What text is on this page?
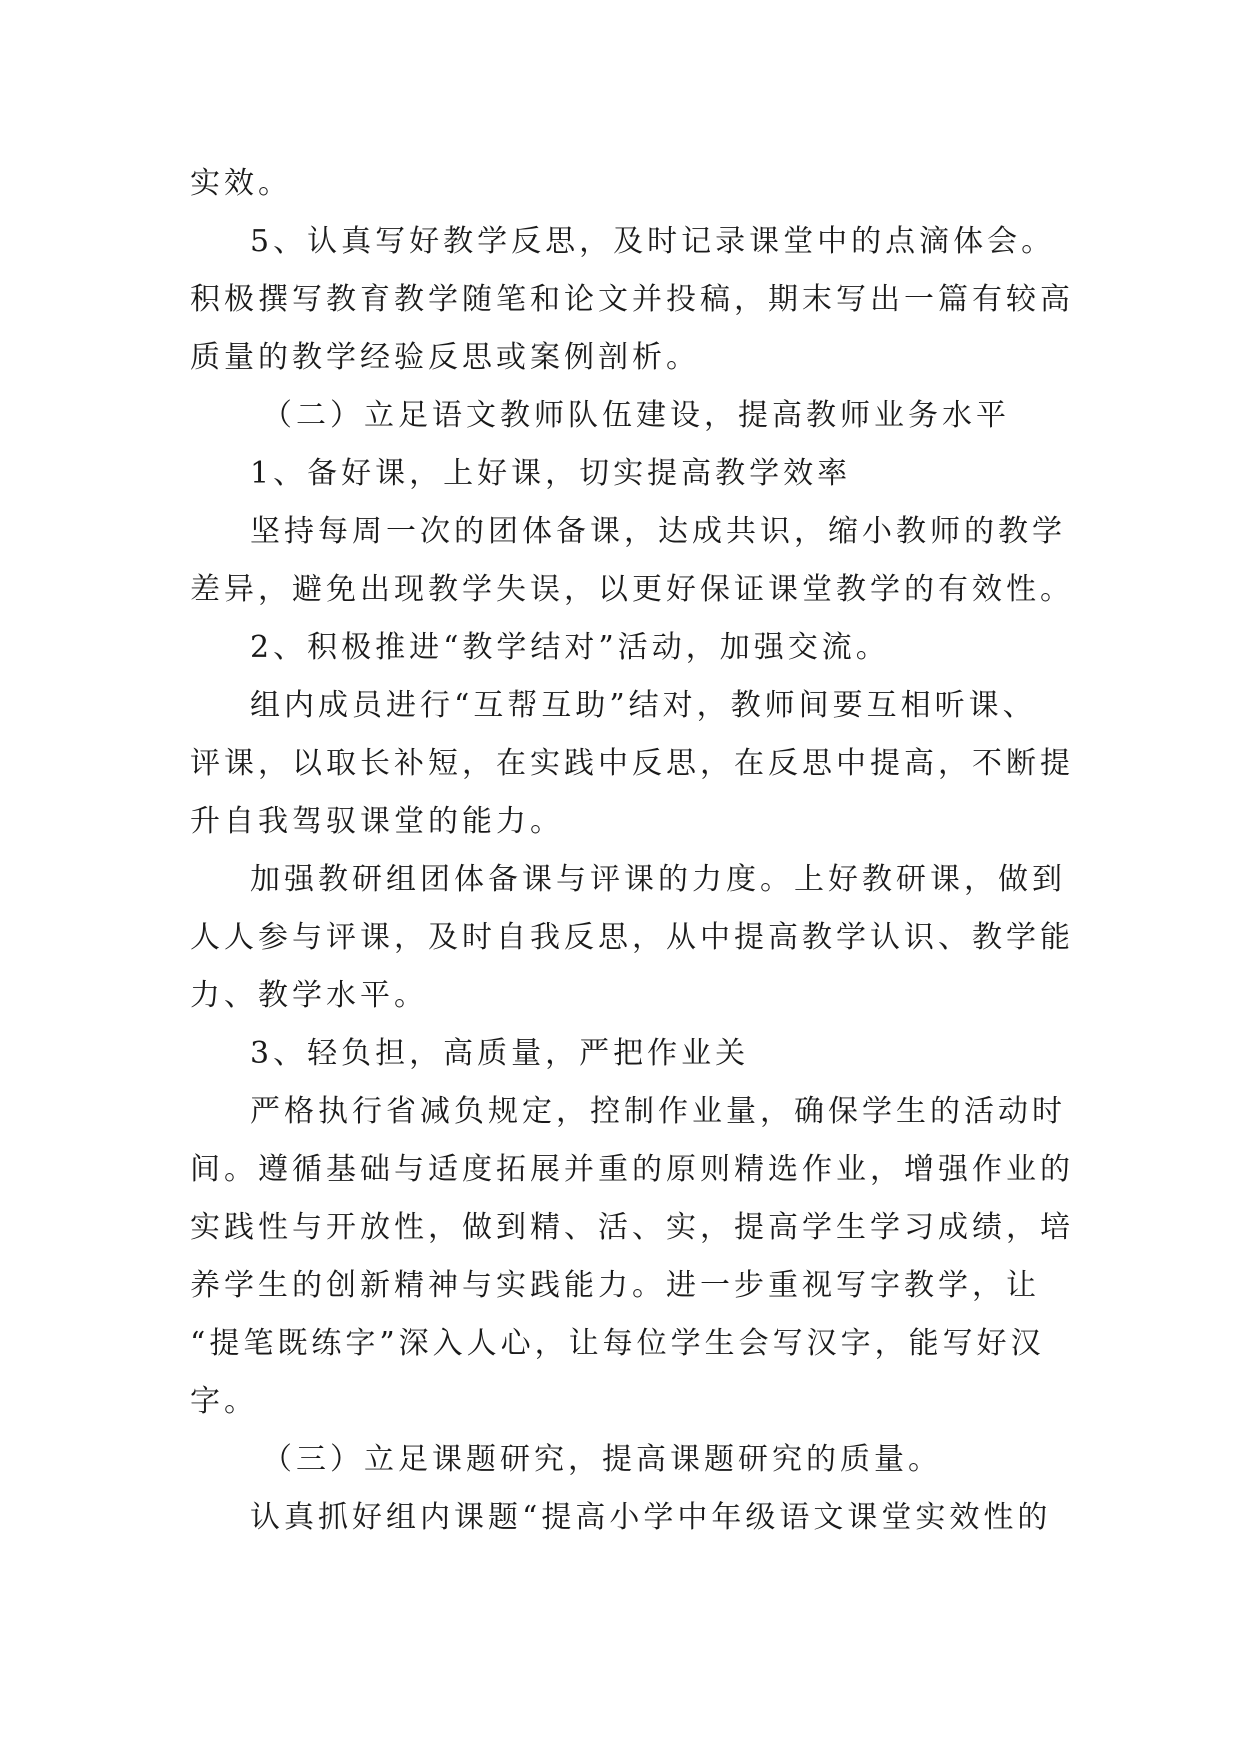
实效。
5、认真写好教学反思，及时记录课堂中的点滴体会。
积极撰写教育教学随笔和论文并投稿，期末写出一篇有较高
质量的教学经验反思或案例剖析。
（二）立足语文教师队伍建设，提高教师业务水平
1、备好课，上好课，切实提高教学效率
坚持每周一次的团体备课，达成共识，缩小教师的教学
差异，避免出现教学失误，以更好保证课堂教学的有效性。
2、积极推进“教学结对”活动，加强交流。
组内成员进行“互帮互助”结对，教师间要互相听课、
评课，以取长补短，在实践中反思，在反思中提高，不断提
升自我驾驭课堂的能力。
加强教研组团体备课与评课的力度。上好教研课，做到
人人参与评课，及时自我反思，从中提高教学认识、教学能
力、教学水平。
3、轻负担，高质量，严把作业关
严格执行省减负规定，控制作业量，确保学生的活动时
间。遵循基础与适度拓展并重的原则精选作业，增强作业的
实践性与开放性，做到精、活、实，提高学生学习成绩，培
养学生的创新精神与实践能力。进一步重视写字教学，让
“提笔既练字”深入人心，让每位学生会写汉字，能写好汉
字。
（三）立足课题研究，提高课题研究的质量。
认真抓好组内课题“提高小学中年级语文课堂实效性的
